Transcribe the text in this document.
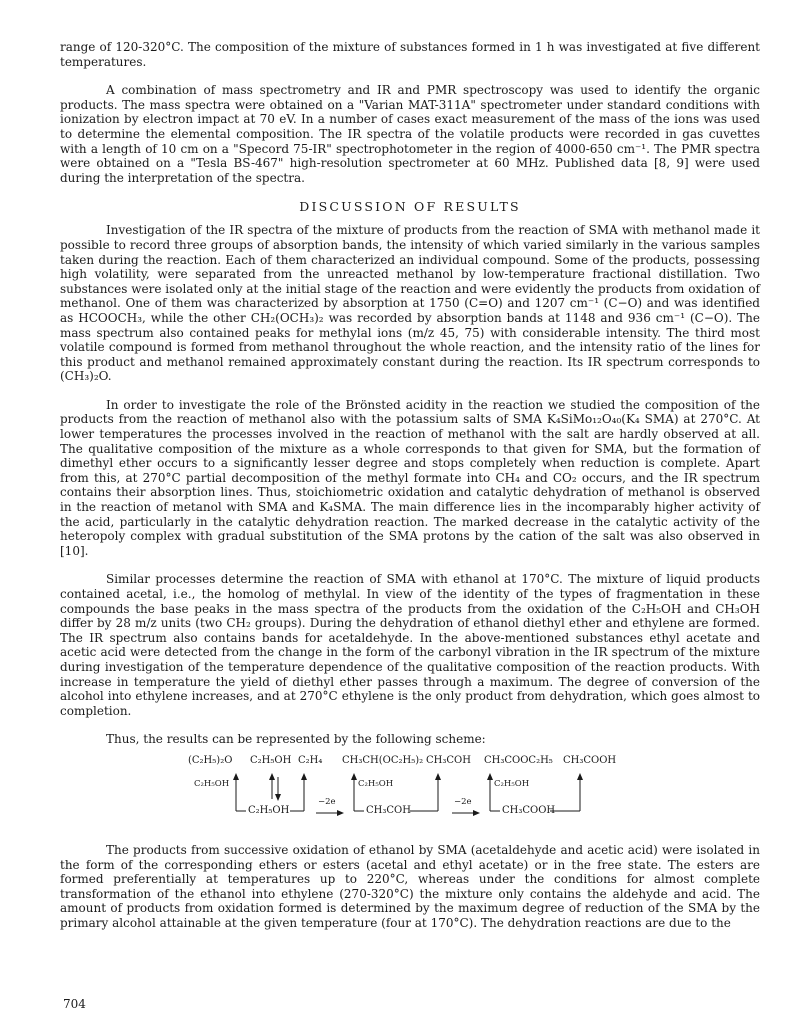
range of 120-320°C. The composition of the mixture of substances formed in 1 h was investigated at five different temperatures.

A combination of mass spectrometry and IR and PMR spectroscopy was used to identify the organic products. The mass spectra were obtained on a "Varian MAT-311A" spectrometer under standard conditions with ionization by electron impact at 70 eV. In a number of cases exact measurement of the mass of the ions was used to determine the elemental composition. The IR spectra of the volatile products were recorded in gas cuvettes with a length of 10 cm on a "Specord 75-IR" spectrophotometer in the region of 4000-650 cm⁻¹. The PMR spectra were obtained on a "Tesla BS-467" high-resolution spectrometer at 60 MHz. Published data [8, 9] were used during the interpretation of the spectra.

DISCUSSION OF RESULTS

Investigation of the IR spectra of the mixture of products from the reaction of SMA with methanol made it possible to record three groups of absorption bands, the intensity of which varied similarly in the various samples taken during the reaction. Each of them characterized an individual compound. Some of the products, possessing high volatility, were separated from the unreacted methanol by low-temperature fractional distillation. Two substances were isolated only at the initial stage of the reaction and were evidently the products from oxidation of methanol. One of them was characterized by absorption at 1750 (C=O) and 1207 cm⁻¹ (C−O) and was identified as HCOOCH₃, while the other CH₂(OCH₃)₂ was recorded by absorption bands at 1148 and 936 cm⁻¹ (C−O). The mass spectrum also contained peaks for methylal ions (m/z 45, 75) with considerable intensity. The third most volatile compound is formed from methanol throughout the whole reaction, and the intensity ratio of the lines for this product and methanol remained approximately constant during the reaction. Its IR spectrum corresponds to (CH₃)₂O.

In order to investigate the role of the Brönsted acidity in the reaction we studied the composition of the products from the reaction of methanol also with the potassium salts of SMA K₄SiMo₁₂O₄₀(K₄ SMA) at 270°C. At lower temperatures the processes involved in the reaction of methanol with the salt are hardly observed at all. The qualitative composition of the mixture as a whole corresponds to that given for SMA, but the formation of dimethyl ether occurs to a significantly lesser degree and stops completely when reduction is complete. Apart from this, at 270°C partial decomposition of the methyl formate into CH₄ and CO₂ occurs, and the IR spectrum contains their absorption lines. Thus, stoichiometric oxidation and catalytic dehydration of methanol is observed in the reaction of metanol with SMA and K₄SMA. The main difference lies in the incomparably higher activity of the acid, particularly in the catalytic dehydration reaction. The marked decrease in the catalytic activity of the heteropoly complex with gradual substitution of the SMA protons by the cation of the salt was also observed in [10].

Similar processes determine the reaction of SMA with ethanol at 170°C. The mixture of liquid products contained acetal, i.e., the homolog of methylal. In view of the identity of the types of fragmentation in these compounds the base peaks in the mass spectra of the products from the oxidation of the C₂H₅OH and CH₃OH differ by 28 m/z units (two CH₂ groups). During the dehydration of ethanol diethyl ether and ethylene are formed. The IR spectrum also contains bands for acetaldehyde. In the above-mentioned substances ethyl acetate and acetic acid were detected from the change in the form of the carbonyl vibration in the IR spectrum of the mixture during investigation of the temperature dependence of the qualitative composition of the reaction products. With increase in temperature the yield of diethyl ether passes through a maximum. The degree of conversion of the alcohol into ethylene increases, and at 270°C ethylene is the only product from dehydration, which goes almost to completion.

Thus, the results can be represented by the following scheme:

(C₂H₅)₂O C₂H₅OH C₂H₄ CH₃CH(OC₂H₅)₂ CH₃COH CH₃COOC₂H₅ CH₃COOH
C₂H₅OH	C₂H₅OH	C₂H₅OH
−2e	−2e
C₂H₅OH	CH₃COH	CH₃COOH

The products from successive oxidation of ethanol by SMA (acetaldehyde and acetic acid) were isolated in the form of the corresponding ethers or esters (acetal and ethyl acetate) or in the free state. The esters are formed preferentially at temperatures up to 220°C, whereas under the conditions for almost complete transformation of the ethanol into ethylene (270-320°C) the mixture only contains the aldehyde and acid. The amount of products from oxidation formed is determined by the maximum degree of reduction of the SMA by the primary alcohol attainable at the given temperature (four at 170°C). The dehydration reactions are due to the

704
